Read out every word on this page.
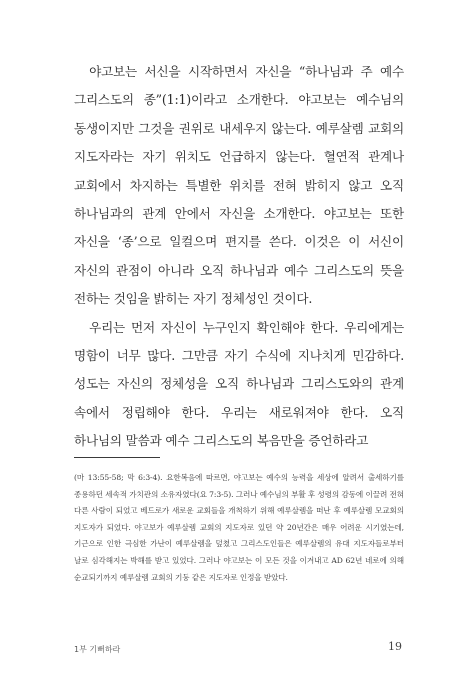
야고보는 서신을 시작하면서 자신을 “하나님과 주 예수 그리스도의 종”(1:1)이라고 소개한다. 야고보는 예수님의 동생이지만 그것을 권위로 내세우지 않는다. 예루살렘 교회의 지도자라는 자기 위치도 언급하지 않는다. 혈연적 관계나 교회에서 차지하는 특별한 위치를 전혀 밝히지 않고 오직 하나님과의 관계 안에서 자신을 소개한다. 야고보는 또한 자신을 ‘종’으로 일컬으며 편지를 쓴다. 이것은 이 서신이 자신의 관점이 아니라 오직 하나님과 예수 그리스도의 뜻을 전하는 것임을 밝히는 자기 정체성인 것이다.

우리는 먼저 자신이 누구인지 확인해야 한다. 우리에게는 명함이 너무 많다. 그만큼 자기 수식에 지나치게 민감하다. 성도는 자신의 정체성을 오직 하나님과 그리스도와의 관계 속에서 정립해야 한다. 우리는 새로워져야 한다. 오직 하나님의 말씀과 예수 그리스도의 복음만을 증언하라고

(마 13:55-58; 막 6:3-4). 요한복음에 따르면, 야고보는 예수의 능력을 세상에 알려서 출세하기를 종용하던 세속적 가치관의 소유자였다(요 7:3-5). 그러나 예수님의 부활 후 성령의 감동에 이끌려 전혀 다른 사람이 되었고 베드로가 새로운 교회들을 개척하기 위해 예루살렘을 떠난 후 예루살렘 모교회의 지도자가 되었다. 야고보가 예루살렘 교회의 지도자로 있던 약 20년간은 매우 어려운 시기였는데, 기근으로 인한 극심한 가난이 예루살렘을 덮쳤고 그리스도인들은 예루살렘의 유대 지도자들로부터 날로 심각해지는 박해를 받고 있었다. 그러나 야고보는 이 모든 것을 이겨내고 AD 62년 네로에 의해 순교되기까지 예루살렘 교회의 기둥 같은 지도자로 인정을 받았다.
1부 기뻐하라	19
